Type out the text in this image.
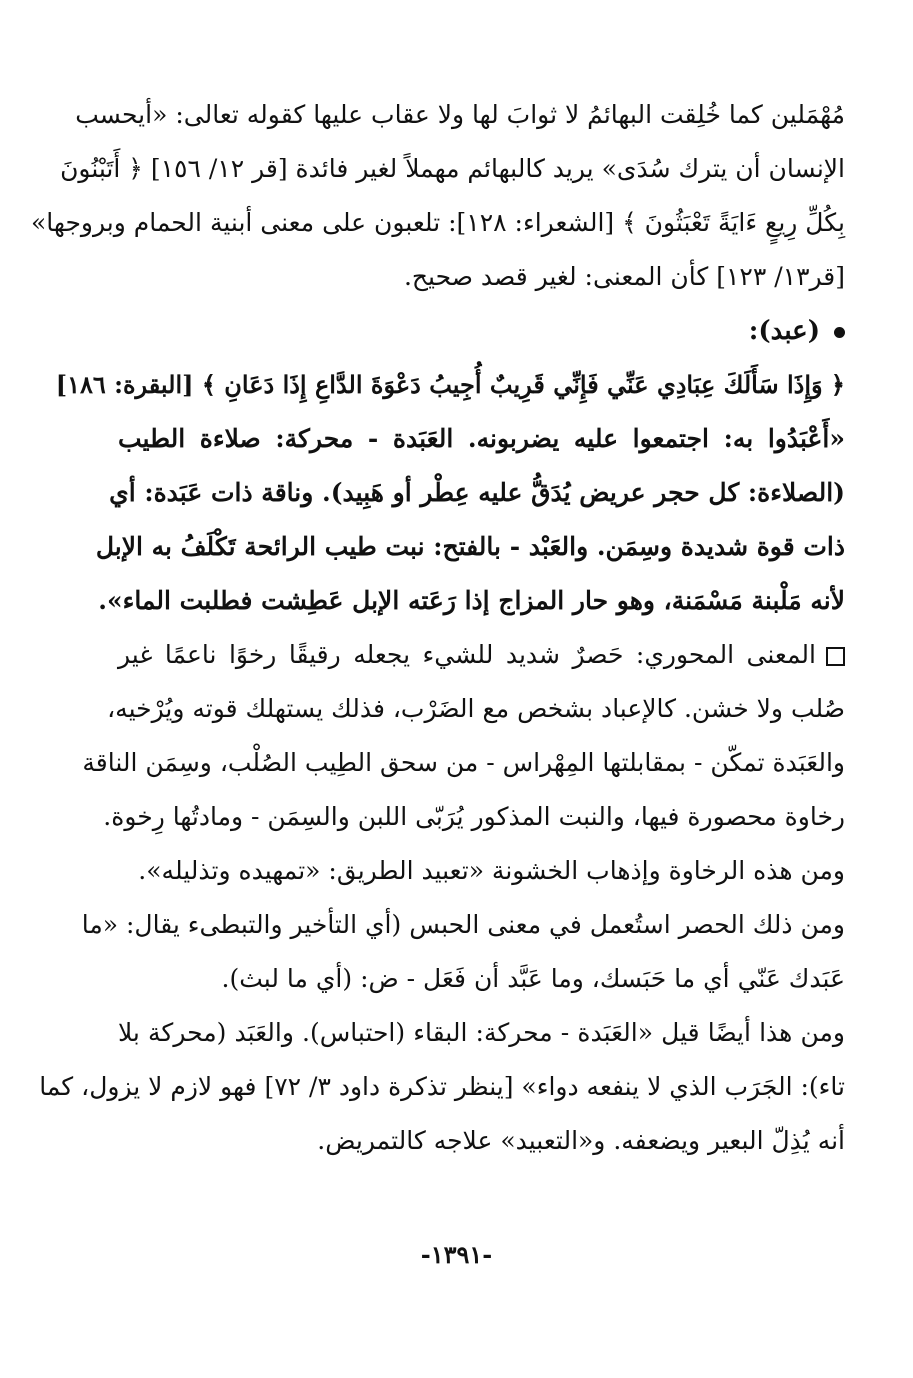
مُهْمَلين كما خُلِقت البهائمُ لا ثوابَ لها ولا عقاب عليها كقوله تعالى: «أيحسب
الإنسان أن يترك سُدَى» يريد كالبهائم مهملاً لغير فائدة [قر ١٢/ ١٥٦] ﴿ أَتَبْنُونَ
بِكُلِّ رِيعٍ ءَايَةً تَعْبَثُونَ ﴾ [الشعراء: ١٢٨]: تلعبون على معنى أبنية الحمام وبروجها»
[قر١٣/ ١٢٣] كأن المعنى: لغير قصد صحيح.
(عبد):
﴿ وَإِذَا سَأَلَكَ عِبَادِي عَنِّي فَإِنِّي قَرِيبٌ أُجِيبُ دَعْوَةَ الدَّاعِ إِذَا دَعَانِ ﴾ [البقرة: ١٨٦]
«أَعْبَدُوا به: اجتمعوا عليه يضربونه. العَبَدة - محركة: صلاءة الطيب
(الصلاءة: كل حجر عريض يُدَقُّ عليه عِطْر أو هَبِيد). وناقة ذات عَبَدة: أي
ذات قوة شديدة وسِمَن. والعَبْد - بالفتح: نبت طيب الرائحة تَكْلَفُ به الإبل
لأنه مَلْبنة مَسْمَنة، وهو حار المزاج إذا رَعَته الإبل عَطِشت فطلبت الماء».
المعنى المحوري: حَصرٌ شديد للشيء يجعله رقيقًا رخوًا ناعمًا غير
صُلب ولا خشن. كالإعباد بشخص مع الضَرْب، فذلك يستهلك قوته ويُرْخيه،
والعَبَدة تمكّن - بمقابلتها المِهْراس - من سحق الطِيب الصُلْب، وسِمَن الناقة
رخاوة محصورة فيها، والنبت المذكور يُرَبّى اللبن والسِمَن - ومادتُها رِخوة.
ومن هذه الرخاوة وإذهاب الخشونة «تعبيد الطريق: «تمهيده وتذليله».
ومن ذلك الحصر استُعمل في معنى الحبس (أي التأخير والتبطىء يقال: «ما
عَبَدك عَنّي أي ما حَبَسك، وما عَبَّد أن فَعَل - ض: (أي ما لبث).
ومن هذا أيضًا قيل «العَبَدة - محركة: البقاء (احتباس). والعَبَد (محركة بلا
تاء): الجَرَب الذي لا ينفعه دواء» [ينظر تذكرة داود ٣/ ٧٢] فهو لازم لا يزول، كما
أنه يُذِلّ البعير ويضعفه. و«التعبيد» علاجه كالتمريض.
-١٣٩١-
